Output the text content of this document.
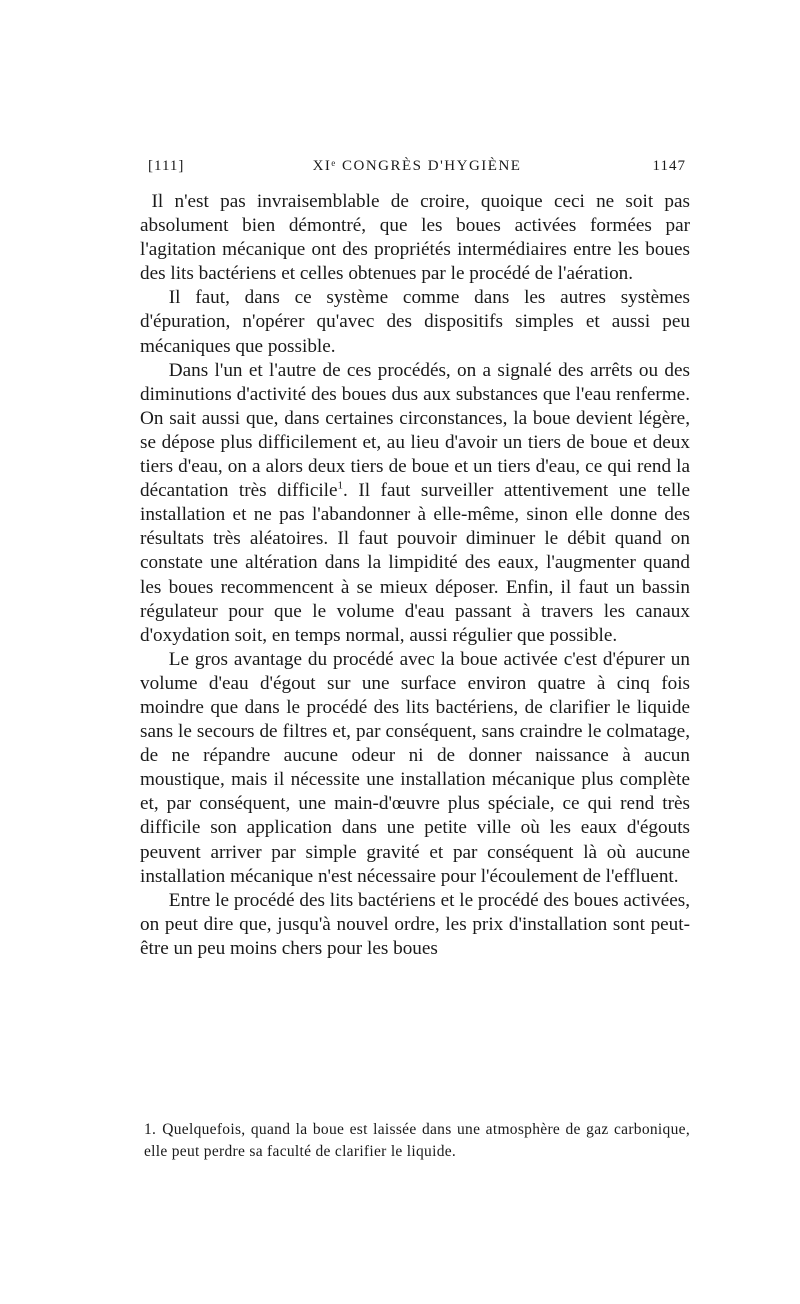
[111]	XIᵉ CONGRÈS D'HYGIÈNE	1147

Il n'est pas invraisemblable de croire, quoique ceci ne soit pas absolument bien démontré, que les boues activées formées par l'agitation mécanique ont des propriétés intermédiaires entre les boues des lits bactériens et celles obtenues par le procédé de l'aération.

Il faut, dans ce système comme dans les autres systèmes d'épuration, n'opérer qu'avec des dispositifs simples et aussi peu mécaniques que possible.

Dans l'un et l'autre de ces procédés, on a signalé des arrêts ou des diminutions d'activité des boues dus aux substances que l'eau renferme. On sait aussi que, dans certaines circonstances, la boue devient légère, se dépose plus difficilement et, au lieu d'avoir un tiers de boue et deux tiers d'eau, on a alors deux tiers de boue et un tiers d'eau, ce qui rend la décantation très difficile$^1$. Il faut surveiller attentivement une telle installation et ne pas l'abandonner à elle-même, sinon elle donne des résultats très aléatoires. Il faut pouvoir diminuer le débit quand on constate une altération dans la limpidité des eaux, l'augmenter quand les boues recommencent à se mieux déposer. Enfin, il faut un bassin régulateur pour que le volume d'eau passant à travers les canaux d'oxydation soit, en temps normal, aussi régulier que possible.

Le gros avantage du procédé avec la boue activée c'est d'épurer un volume d'eau d'égout sur une surface environ quatre à cinq fois moindre que dans le procédé des lits bactériens, de clarifier le liquide sans le secours de filtres et, par conséquent, sans craindre le colmatage, de ne répandre aucune odeur ni de donner naissance à aucun moustique, mais il nécessite une installation mécanique plus complète et, par conséquent, une main-d'œuvre plus spéciale, ce qui rend très difficile son application dans une petite ville où les eaux d'égouts peuvent arriver par simple gravité et par conséquent là où aucune installation mécanique n'est nécessaire pour l'écoulement de l'effluent.

Entre le procédé des lits bactériens et le procédé des boues activées, on peut dire que, jusqu'à nouvel ordre, les prix d'installation sont peut-être un peu moins chers pour les boues

1. Quelquefois, quand la boue est laissée dans une atmosphère de gaz carbonique, elle peut perdre sa faculté de clarifier le liquide.
